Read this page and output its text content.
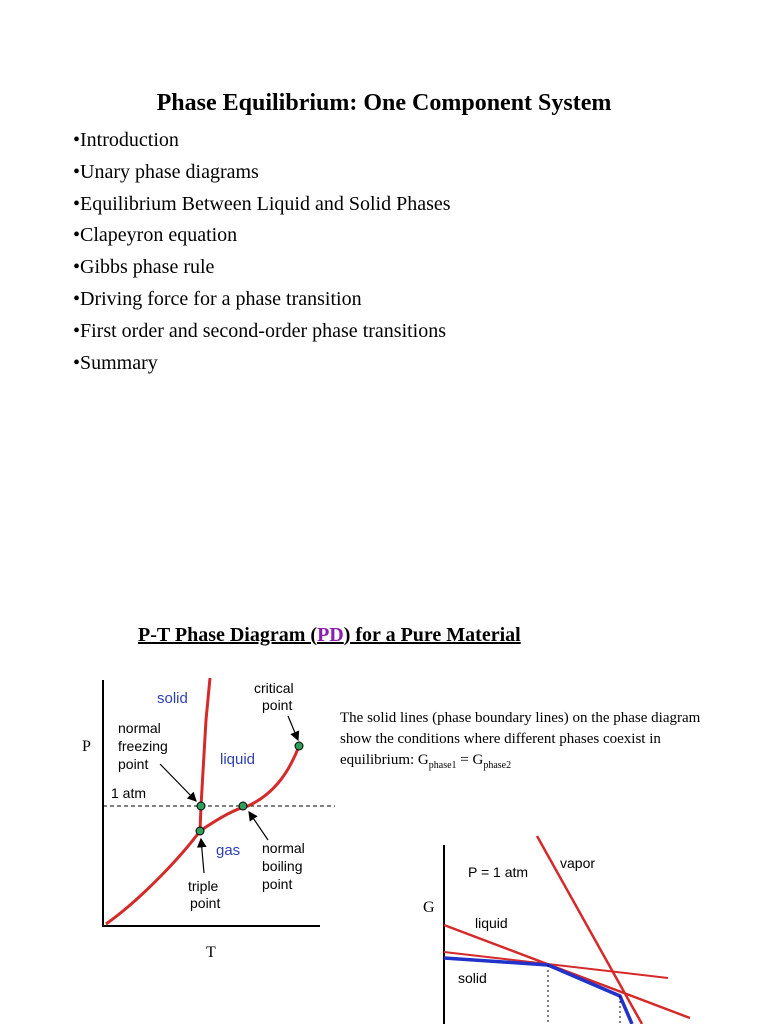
Phase Equilibrium: One Component System
•Introduction
•Unary phase diagrams
•Equilibrium Between Liquid and Solid Phases
•Clapeyron equation
•Gibbs phase rule
•Driving force for a phase transition
•First order and second-order phase transitions
•Summary
P-T Phase Diagram (PD) for a Pure Material
The solid lines (phase boundary lines) on the phase diagram show the conditions where different phases coexist in equilibrium: $G_{phase1} = G_{phase2}$
P
T
solid
liquid
gas
critical
point
normal
freezing
point
1 atm
normal
boiling
point
triple
point	G
P = 1 atm
vapor
liquid
solid
